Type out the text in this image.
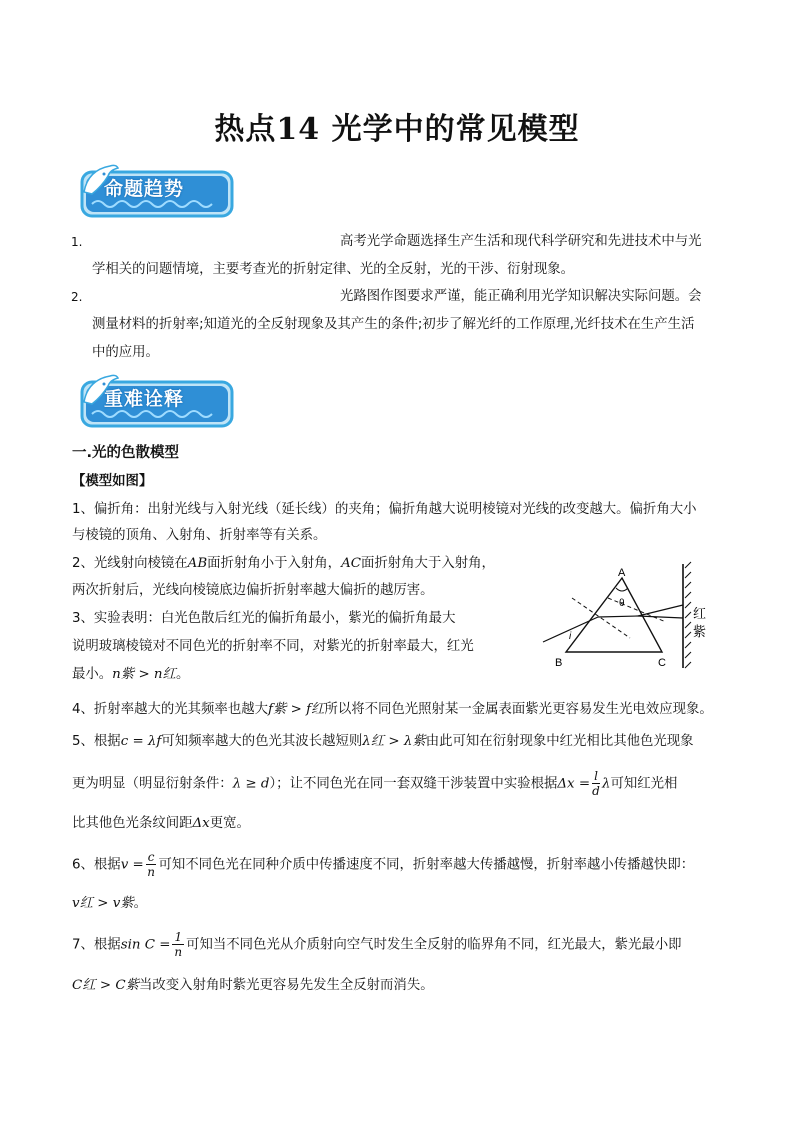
热点14 光学中的常见模型
命题趋势
1.	高考光学命题选择生产生活和现代科学研究和先进技术中与光
学相关的问题情境，主要考查光的折射定律、光的全反射，光的干涉、衍射现象。
2.	光路图作图要求严谨，能正确利用光学知识解决实际问题。会
测量材料的折射率;知道光的全反射现象及其产生的条件;初步了解光纤的工作原理,光纤技术在生产生活
中的应用。
重难诠释
一.光的色散模型
【模型如图】
1、偏折角：出射光线与入射光线（延长线）的夹角；偏折角越大说明棱镜对光线的改变越大。偏折角大小
与棱镜的顶角、入射角、折射率等有关系。
2、光线射向棱镜在AB面折射角小于入射角，AC面折射角大于入射角，
两次折射后，光线向棱镜底边偏折折射率越大偏折的越厉害。
3、实验表明：白光色散后红光的偏折角最小，紫光的偏折角最大
说明玻璃棱镜对不同色光的折射率不同，对紫光的折射率最大，红光
最小。n紫 > n红。
A
θ
i
B	C
红
紫
4、折射率越大的光其频率也越大f紫 > f红所以将不同色光照射某一金属表面紫光更容易发生光电效应现象。
5、根据c = λf可知频率越大的色光其波长越短则λ红 > λ紫由此可知在衍射现象中红光相比其他色光现象
更为明显（明显衍射条件：λ ≥ d）；让不同色光在同一套双缝干涉装置中实验根据$\Delta x = \frac{l}{d}$ λ可知红光相
比其他色光条纹间距Δx更宽。
6、根据$v = \frac{c}{n}$ 可知不同色光在同种介质中传播速度不同，折射率越大传播越慢，折射率越小传播越快即：
v红 > v紫。
7、根据$\sin C = \frac{1}{n}$ 可知当不同色光从介质射向空气时发生全反射的临界角不同，红光最大，紫光最小即
C红 > C紫当改变入射角时紫光更容易先发生全反射而消失。
